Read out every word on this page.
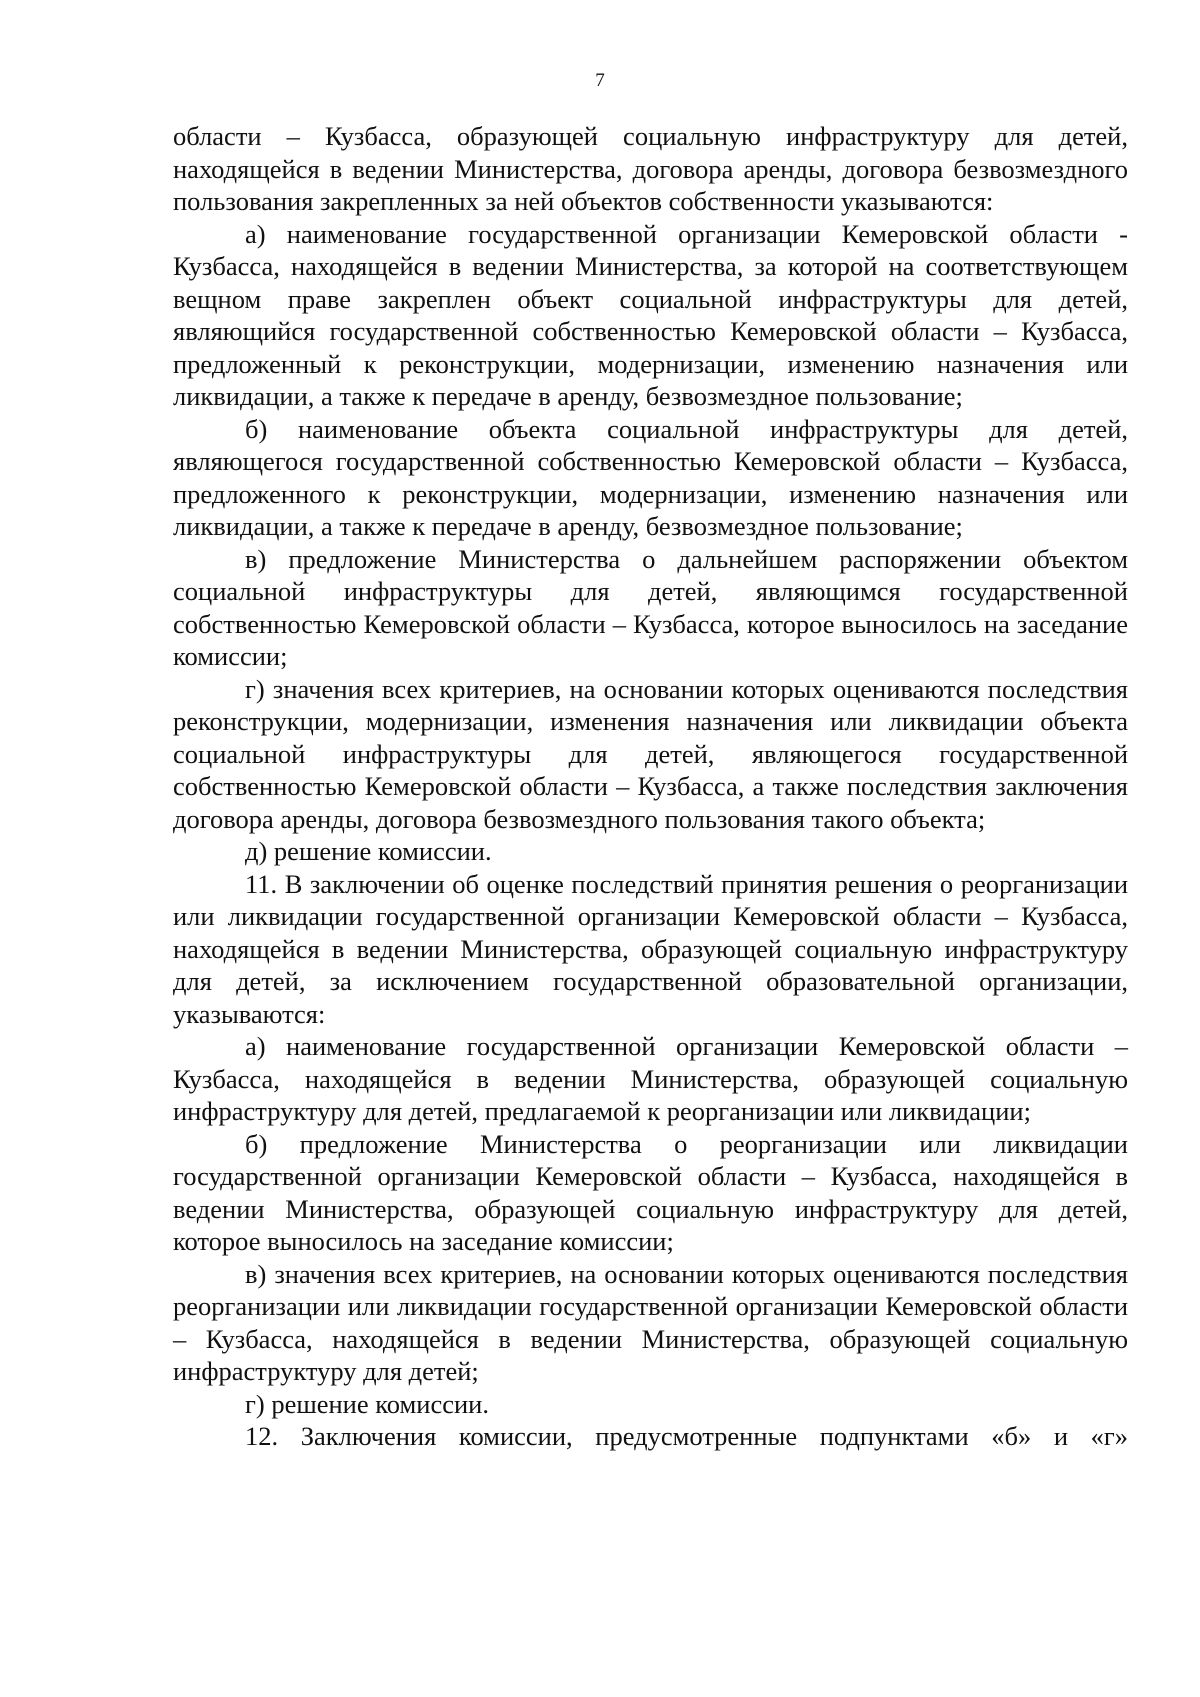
7

области – Кузбасса, образующей социальную инфраструктуру для детей, находящейся в ведении Министерства, договора аренды, договора безвозмездного пользования закрепленных за ней объектов собственности указываются:

а) наименование государственной организации Кемеровской области - Кузбасса, находящейся в ведении Министерства, за которой на соответствующем вещном праве закреплен объект социальной инфраструктуры для детей, являющийся государственной собственностью Кемеровской области – Кузбасса, предложенный к реконструкции, модернизации, изменению назначения или ликвидации, а также к передаче в аренду, безвозмездное пользование;

б) наименование объекта социальной инфраструктуры для детей, являющегося государственной собственностью Кемеровской области – Кузбасса, предложенного к реконструкции, модернизации, изменению назначения или ликвидации, а также к передаче в аренду, безвозмездное пользование;

в) предложение Министерства о дальнейшем распоряжении объектом социальной инфраструктуры для детей, являющимся государственной собственностью Кемеровской области – Кузбасса, которое выносилось на заседание комиссии;

г) значения всех критериев, на основании которых оцениваются последствия реконструкции, модернизации, изменения назначения или ликвидации объекта социальной инфраструктуры для детей, являющегося государственной собственностью Кемеровской области – Кузбасса, а также последствия заключения договора аренды, договора безвозмездного пользования такого объекта;

д) решение комиссии.

11. В заключении об оценке последствий принятия решения о реорганизации или ликвидации государственной организации Кемеровской области – Кузбасса, находящейся в ведении Министерства, образующей социальную инфраструктуру для детей, за исключением государственной образовательной организации, указываются:

а) наименование государственной организации Кемеровской области – Кузбасса, находящейся в ведении Министерства, образующей социальную инфраструктуру для детей, предлагаемой к реорганизации или ликвидации;

б) предложение Министерства о реорганизации или ликвидации государственной организации Кемеровской области – Кузбасса, находящейся в ведении Министерства, образующей социальную инфраструктуру для детей, которое выносилось на заседание комиссии;

в) значения всех критериев, на основании которых оцениваются последствия реорганизации или ликвидации государственной организации Кемеровской области – Кузбасса, находящейся в ведении Министерства, образующей социальную инфраструктуру для детей;

г) решение комиссии.

12. Заключения комиссии, предусмотренные подпунктами «б» и «г»
